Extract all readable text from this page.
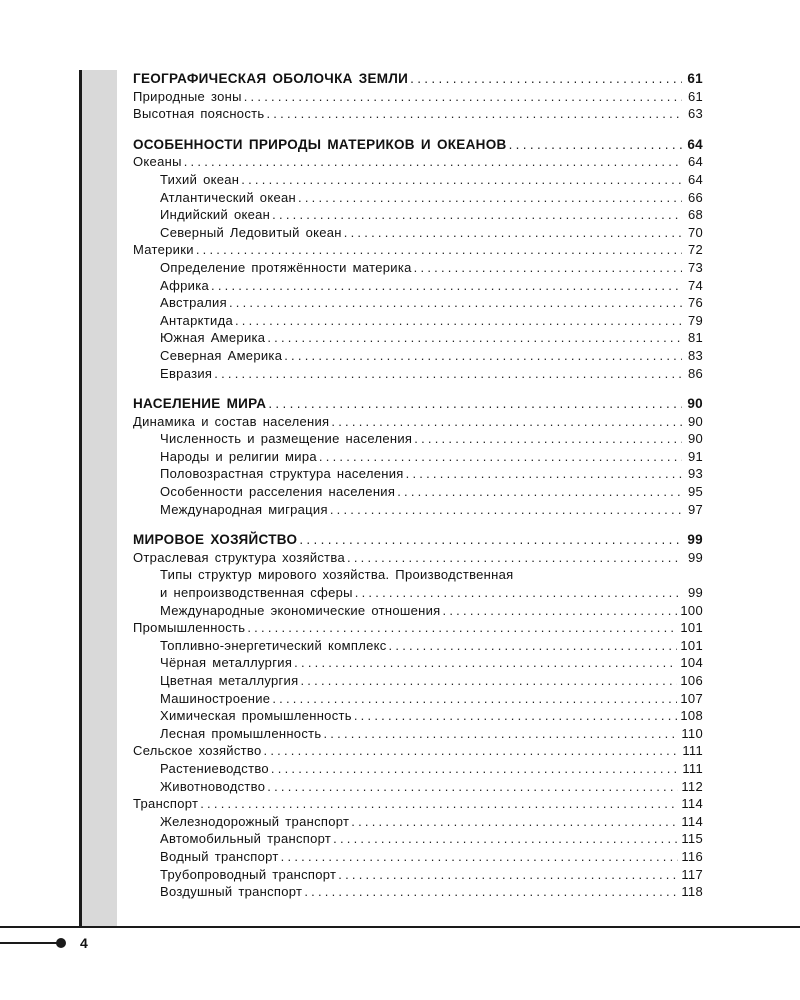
ГЕОГРАФИЧЕСКАЯ ОБОЛОЧКА ЗЕМЛИ . . .	61
Природные зоны . . .	61
Высотная поясность . . .	63
ОСОБЕННОСТИ ПРИРОДЫ МАТЕРИКОВ И ОКЕАНОВ . . .	64
Океаны . . .	64
Тихий океан . . .	64
Атлантический океан . . .	66
Индийский океан . . .	68
Северный Ледовитый океан . . .	70
Материки . . .	72
Определение протяжённости материка . . .	73
Африка . . .	74
Австралия . . .	76
Антарктида . . .	79
Южная Америка . . .	81
Северная Америка . . .	83
Евразия . . .	86
НАСЕЛЕНИЕ МИРА . . .	90
Динамика и состав населения . . .	90
Численность и размещение населения . . .	90
Народы и религии мира . . .	91
Половозрастная структура населения . . .	93
Особенности расселения населения . . .	95
Международная миграция . . .	97
МИРОВОЕ ХОЗЯЙСТВО . . .	99
Отраслевая структура хозяйства . . .	99
Типы структур мирового хозяйства. Производственная
и непроизводственная сферы . . .	99
Международные экономические отношения . . .	100
Промышленность . . .	101
Топливно-энергетический комплекс . . .	101
Чёрная металлургия . . .	104
Цветная металлургия . . .	106
Машиностроение . . .	107
Химическая промышленность . . .	108
Лесная промышленность . . .	110
Сельское хозяйство . . .	111
Растениеводство . . .	111
Животноводство . . .	112
Транспорт . . .	114
Железнодорожный транспорт . . .	114
Автомобильный транспорт . . .	115
Водный транспорт . . .	116
Трубопроводный транспорт . . .	117
Воздушный транспорт . . .	118
4
